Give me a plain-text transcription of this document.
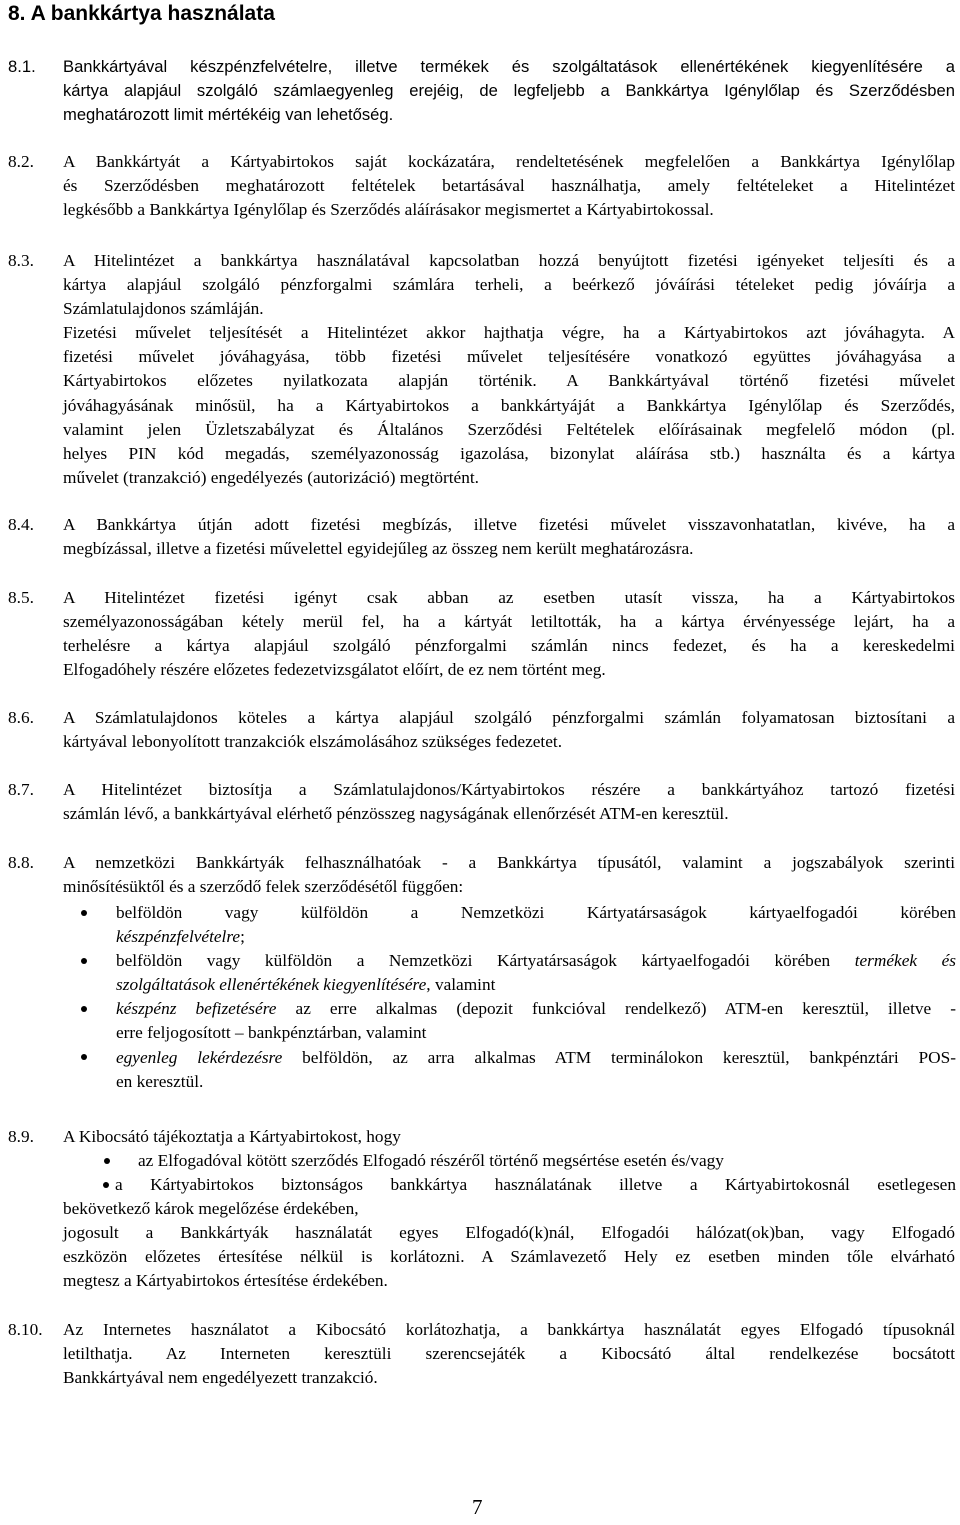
8. A bankkártya használata
8.1. Bankkártyával készpénzfelvételre, illetve termékek és szolgáltatások ellenértékének kiegyenlítésére a
kártya alapjául szolgáló számlaegyenleg erejéig, de legfeljebb a Bankkártya Igénylőlap és Szerződésben
meghatározott limit mértékéig van lehetőség.
8.2. A Bankkártyát a Kártyabirtokos saját kockázatára, rendeltetésének megfelelően a Bankkártya Igénylőlap
és Szerződésben meghatározott feltételek betartásával használhatja, amely feltételeket a Hitelintézet
legkésőbb a Bankkártya Igénylőlap és Szerződés aláírásakor megismertet a Kártyabirtokossal.
8.3. A Hitelintézet a bankkártya használatával kapcsolatban hozzá benyújtott fizetési igényeket teljesíti és a
kártya alapjául szolgáló pénzforgalmi számlára terheli, a beérkező jóváírási tételeket pedig jóváírja a
Számlatulajdonos számláján.
Fizetési művelet teljesítését a Hitelintézet akkor hajthatja végre, ha a Kártyabirtokos azt jóváhagyta. A
fizetési művelet jóváhagyása, több fizetési művelet teljesítésére vonatkozó együttes jóváhagyása a
Kártyabirtokos előzetes nyilatkozata alapján történik. A Bankkártyával történő fizetési művelet
jóváhagyásának minősül, ha a Kártyabirtokos a bankkártyáját a Bankkártya Igénylőlap és Szerződés,
valamint jelen Üzletszabályzat és Általános Szerződési Feltételek előírásainak megfelelő módon (pl.
helyes PIN kód megadás, személyazonosság igazolása, bizonylat aláírása stb.) használta és a kártya
művelet (tranzakció) engedélyezés (autorizáció) megtörtént.
8.4. A Bankkártya útján adott fizetési megbízás, illetve fizetési művelet visszavonhatatlan, kivéve, ha a
megbízással, illetve a fizetési művelettel egyidejűleg az összeg nem került meghatározásra.
8.5. A Hitelintézet fizetési igényt csak abban az esetben utasít vissza, ha a Kártyabirtokos
személyazonosságában kétely merül fel, ha a kártyát letiltották, ha a kártya érvényessége lejárt, ha a
terhelésre a kártya alapjául szolgáló pénzforgalmi számlán nincs fedezet, és ha a kereskedelmi
Elfogadóhely részére előzetes fedezetvizsgálatot előírt, de ez nem történt meg.
8.6. A Számlatulajdonos köteles a kártya alapjául szolgáló pénzforgalmi számlán folyamatosan biztosítani a
kártyával lebonyolított tranzakciók elszámolásához szükséges fedezetet.
8.7. A Hitelintézet biztosítja a Számlatulajdonos/Kártyabirtokos részére a bankkártyához tartozó fizetési
számlán lévő, a bankkártyával elérhető pénzösszeg nagyságának ellenőrzését ATM-en keresztül.
8.8. A nemzetközi Bankkártyák felhasználhatóak - a Bankkártya típusától, valamint a jogszabályok szerinti
minősítésüktől és a szerződő felek szerződésétől függően:
belföldön vagy külföldön a Nemzetközi Kártyatársaságok kártyaelfogadói körében
készpénzfelvételre;
belföldön vagy külföldön a Nemzetközi Kártyatársaságok kártyaelfogadói körében termékek és
szolgáltatások ellenértékének kiegyenlítésére, valamint
készpénz befizetésére az erre alkalmas (depozit funkcióval rendelkező) ATM-en keresztül, illetve -
erre feljogosított – bankpénztárban, valamint
egyenleg lekérdezésre belföldön, az arra alkalmas ATM terminálokon keresztül, bankpénztári POS-
en keresztül.
8.9. A Kibocsátó tájékoztatja a Kártyabirtokost, hogy
az Elfogadóval kötött szerződés Elfogadó részéről történő megsértése esetén és/vagy
a Kártyabirtokos biztonságos bankkártya használatának illetve a Kártyabirtokosnál esetlegesen
bekövetkező károk megelőzése érdekében,
jogosult a Bankkártyák használatát egyes Elfogadó(k)nál, Elfogadói hálózat(ok)ban, vagy Elfogadó
eszközön előzetes értesítése nélkül is korlátozni. A Számlavezető Hely ez esetben minden tőle elvárható
megtesz a Kártyabirtokos értesítése érdekében.
8.10. Az Internetes használatot a Kibocsátó korlátozhatja, a bankkártya használatát egyes Elfogadó típusoknál
letilthatja. Az Interneten keresztüli szerencsejáték a Kibocsátó által rendelkezése bocsátott
Bankkártyával nem engedélyezett tranzakció.
7
